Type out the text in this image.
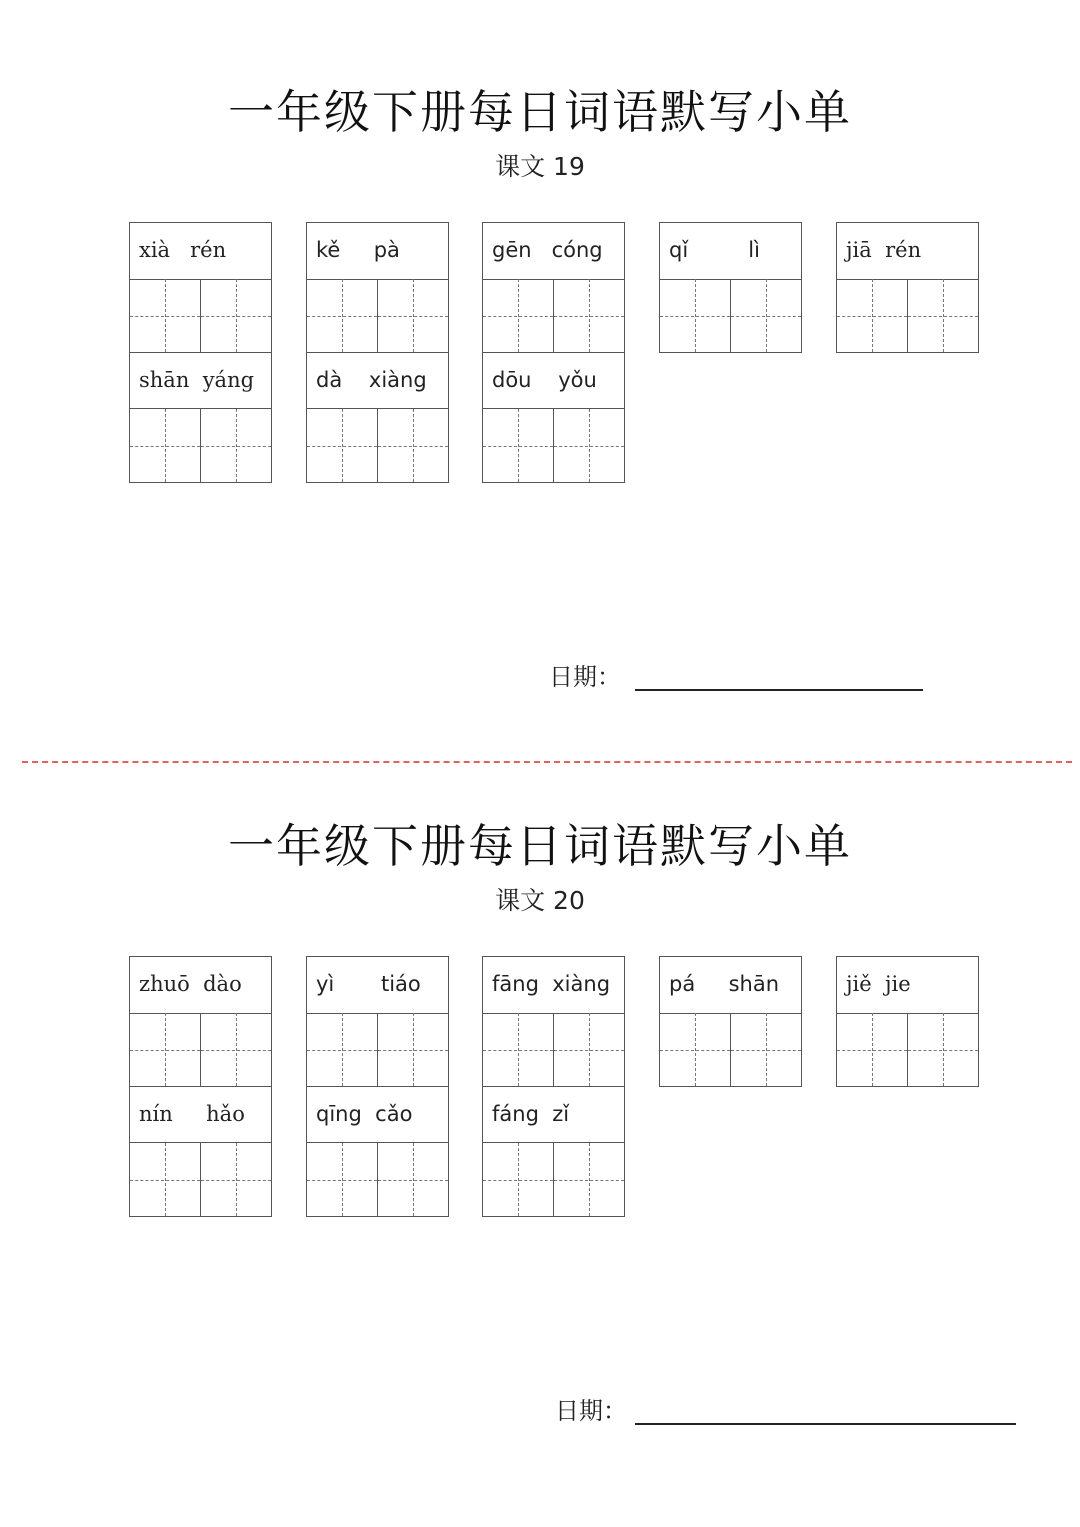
一年级下册每日词语默写小单
课文 19
xià   rén	kě     pà	gēn   cóng	qǐ         lì	jiā  rén
shān  yáng	dà    xiàng	dōu    yǒu
日期：
一年级下册每日词语默写小单
课文 20
zhuō  dào	yì       tiáo	fāng  xiàng	pá     shān	jiě  jie
nín     hǎo	qīng  cǎo	fáng  zǐ
日期：
